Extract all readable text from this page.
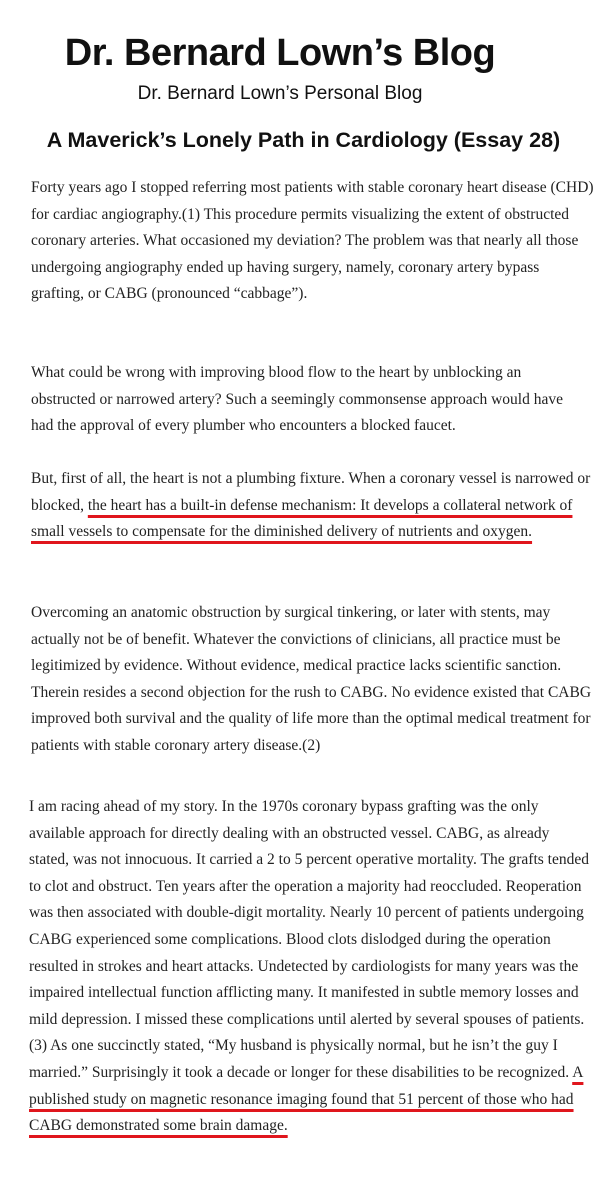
Dr. Bernard Lown’s Blog
Dr. Bernard Lown’s Personal Blog
A Maverick’s Lonely Path in Cardiology (Essay 28)

Forty years ago I stopped referring most patients with stable coronary heart disease (CHD) for cardiac angiography.(1) This procedure permits visualizing the extent of obstructed coronary arteries. What occasioned my deviation? The problem was that nearly all those undergoing angiography ended up having surgery, namely, coronary artery bypass grafting, or CABG (pronounced “cabbage”).

What could be wrong with improving blood flow to the heart by unblocking an obstructed or narrowed artery? Such a seemingly commonsense approach would have had the approval of every plumber who encounters a blocked faucet.

But, first of all, the heart is not a plumbing fixture. When a coronary vessel is narrowed or blocked, the heart has a built-in defense mechanism: It develops a collateral network of small vessels to compensate for the diminished delivery of nutrients and oxygen.

Overcoming an anatomic obstruction by surgical tinkering, or later with stents, may actually not be of benefit. Whatever the convictions of clinicians, all practice must be legitimized by evidence. Without evidence, medical practice lacks scientific sanction. Therein resides a second objection for the rush to CABG. No evidence existed that CABG improved both survival and the quality of life more than the optimal medical treatment for patients with stable coronary artery disease.(2)

I am racing ahead of my story. In the 1970s coronary bypass grafting was the only available approach for directly dealing with an obstructed vessel. CABG, as already stated, was not innocuous. It carried a 2 to 5 percent operative mortality. The grafts tended to clot and obstruct. Ten years after the operation a majority had reoccluded. Reoperation was then associated with double-digit mortality. Nearly 10 percent of patients undergoing CABG experienced some complications. Blood clots dislodged during the operation resulted in strokes and heart attacks. Undetected by cardiologists for many years was the impaired intellectual function afflicting many. It manifested in subtle memory losses and mild depression. I missed these complications until alerted by several spouses of patients.(3) As one succinctly stated, “My husband is physically normal, but he isn’t the guy I married.” Surprisingly it took a decade or longer for these disabilities to be recognized. A published study on magnetic resonance imaging found that 51 percent of those who had CABG demonstrated some brain damage.
